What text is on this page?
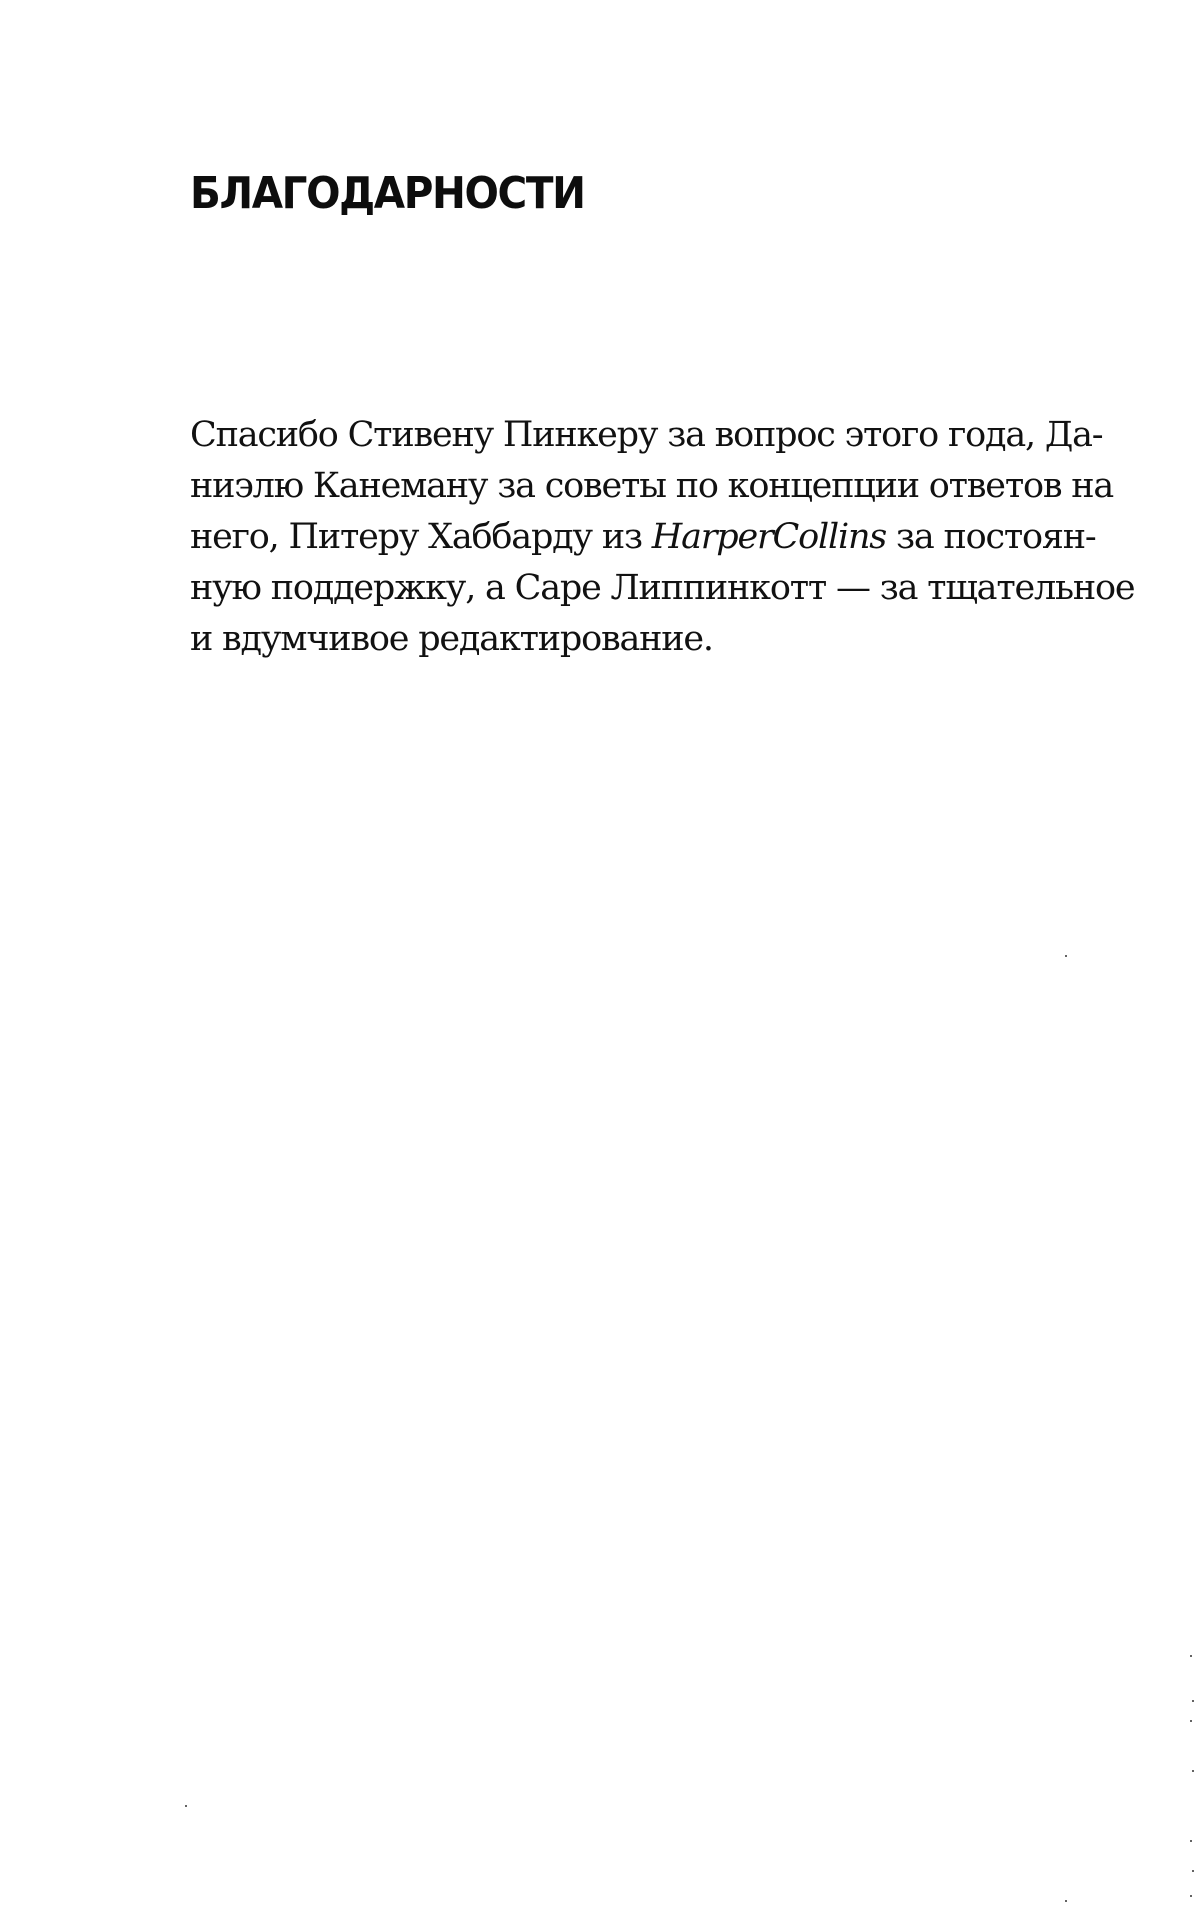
БЛАГОДАРНОСТИ
Спасибо Стивену Пинкеру за вопрос этого года, Да-
ниэлю Канеману за советы по концепции ответов на
него, Питеру Хаббарду из HarperCollins за постоян-
ную поддержку, а Саре Липпинкотт — за тщательное
и вдумчивое редактирование.
